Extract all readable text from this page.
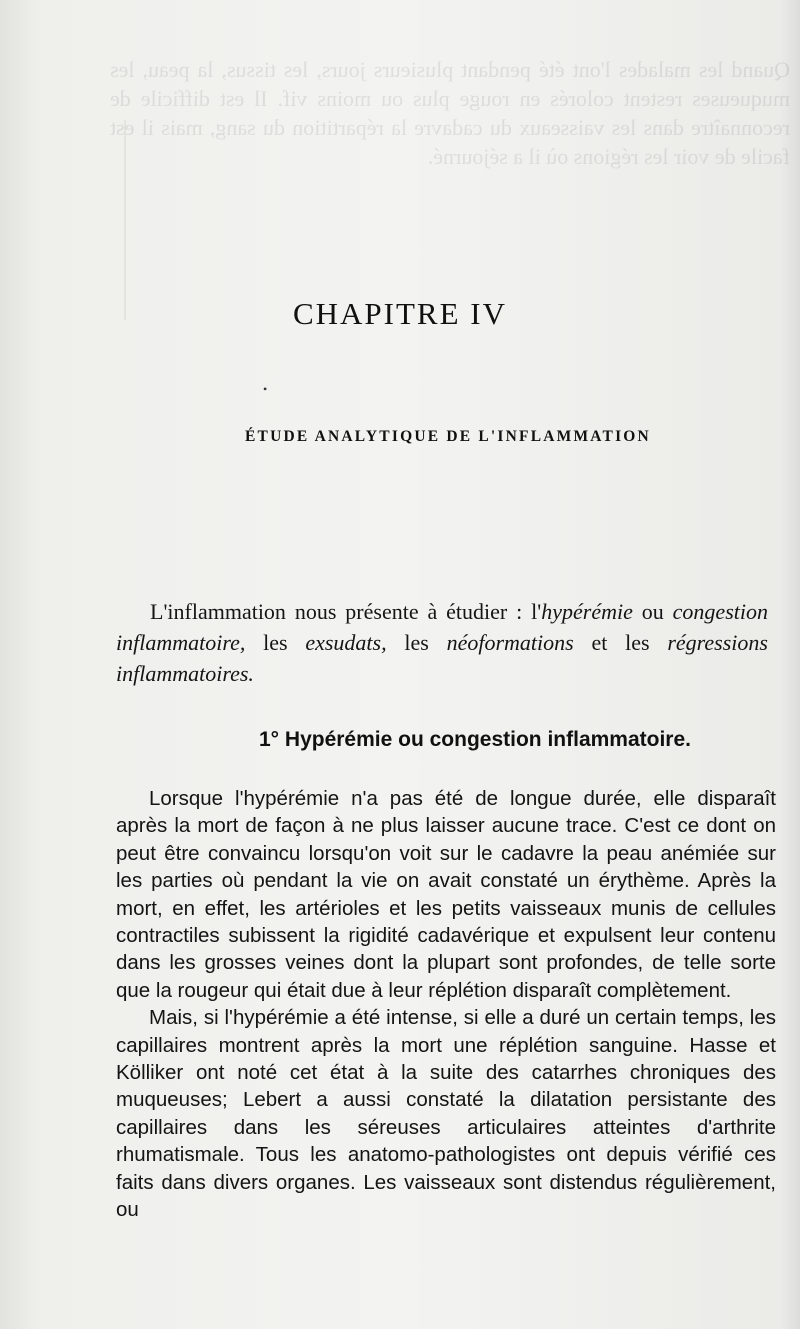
Quand les malades l'ont été pendant plusieurs jours, les tissus, la peau, les muqueuses restent colorés en rouge plus ou moins vif. Il est difficile de reconnaître dans les vaisseaux du cadavre la répartition du sang, mais il est facile de voir les régions où il a séjourné.
CHAPITRE IV
•
ÉTUDE ANALYTIQUE DE L'INFLAMMATION

L'inflammation nous présente à étudier : l'hypérémie ou congestion inflammatoire, les exsudats, les néoformations et les régressions inflammatoires.

1° Hypérémie ou congestion inflammatoire.

Lorsque l'hypérémie n'a pas été de longue durée, elle disparaît après la mort de façon à ne plus laisser aucune trace. C'est ce dont on peut être convaincu lorsqu'on voit sur le cadavre la peau anémiée sur les parties où pendant la vie on avait constaté un érythème. Après la mort, en effet, les artérioles et les petits vaisseaux munis de cellules contractiles subissent la rigidité cadavérique et expulsent leur contenu dans les grosses veines dont la plupart sont profondes, de telle sorte que la rougeur qui était due à leur réplétion disparaît complètement.

Mais, si l'hypérémie a été intense, si elle a duré un certain temps, les capillaires montrent après la mort une réplétion sanguine. Hasse et Kölliker ont noté cet état à la suite des catarrhes chroniques des muqueuses; Lebert a aussi constaté la dilatation persistante des capillaires dans les séreuses articulaires atteintes d'arthrite rhumatismale. Tous les anatomo-pathologistes ont depuis vérifié ces faits dans divers organes. Les vaisseaux sont distendus régulièrement, ou
